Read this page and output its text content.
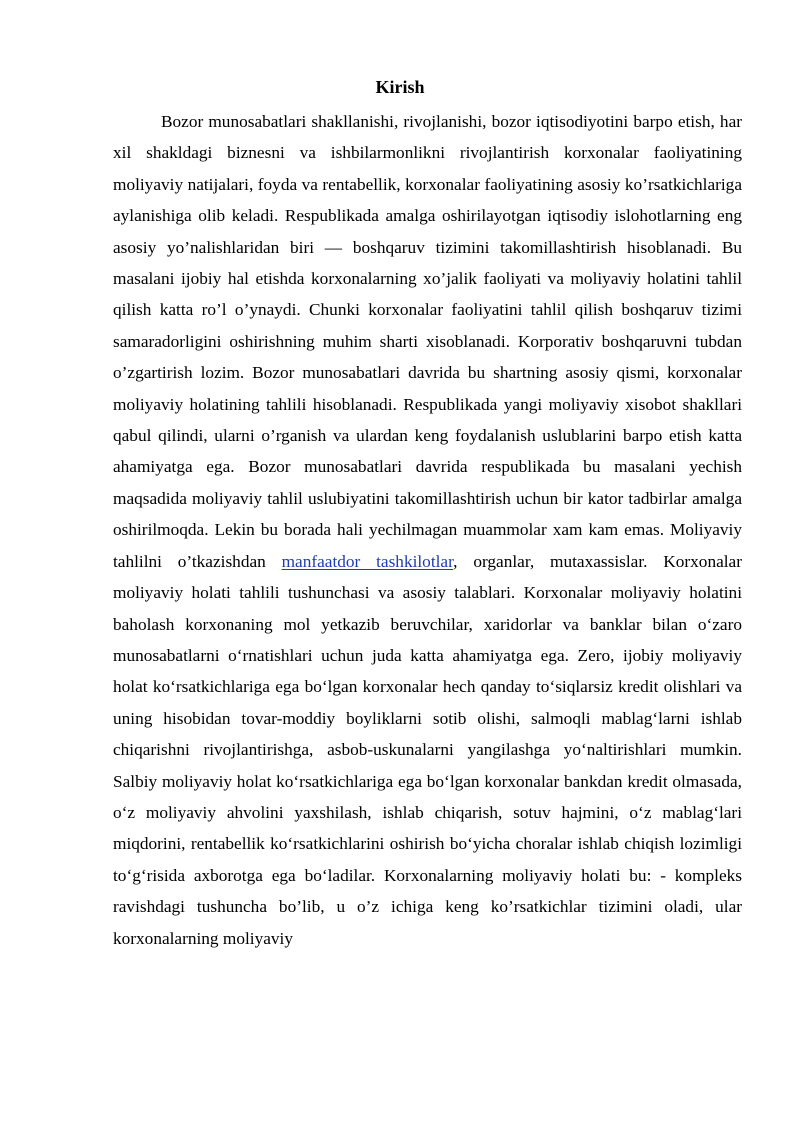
Kirish

Bozor munosabatlari shakllanishi, rivojlanishi, bozor iqtisodiyotini barpo etish, har xil shakldagi biznesni va ishbilarmonlikni rivojlantirish korxonalar faoliyatining moliyaviy natijalari, foyda va rentabellik, korxonalar faoliyatining asosiy ko’rsatkichlariga aylanishiga olib keladi. Respublikada amalga oshirilayotgan iqtisodiy islohotlarning eng asosiy yo’nalishlaridan biri — boshqaruv tizimini takomillashtirish hisoblanadi. Bu masalani ijobiy hal etishda korxonalarning xo’jalik faoliyati va moliyaviy holatini tahlil qilish katta ro’l o’ynaydi. Chunki korxonalar faoliyatini tahlil qilish boshqaruv tizimi samaradorligini oshirishning muhim sharti xisoblanadi. Korporativ boshqaruvni tubdan o’zgartirish lozim. Bozor munosabatlari davrida bu shartning asosiy qismi, korxonalar moliyaviy holatining tahlili hisoblanadi. Respublikada yangi moliyaviy xisobot shakllari qabul qilindi, ularni o’rganish va ulardan keng foydalanish uslublarini barpo etish katta ahamiyatga ega. Bozor munosabatlari davrida respublikada bu masalani yechish maqsadida moliyaviy tahlil uslubiyatini takomillashtirish uchun bir kator tadbirlar amalga oshirilmoqda. Lekin bu borada hali yechilmagan muammolar xam kam emas. Moliyaviy tahlilni o’tkazishdan manfaatdor tashkilotlar, organlar, mutaxassislar. Korxonalar moliyaviy holati tahlili tushunchasi va asosiy talablari. Korxonalar moliyaviy holatini baholash korxonaning mol yetkazib beruvchilar, xaridorlar va banklar bilan o‘zaro munosabatlarni o‘rnatishlari uchun juda katta ahamiyatga ega. Zero, ijobiy moliyaviy holat ko‘rsatkichlariga ega bo‘lgan korxonalar hech qanday to‘siqlarsiz kredit olishlari va uning hisobidan tovar-moddiy boyliklarni sotib olishi, salmoqli mablag‘larni ishlab chiqarishni rivojlantirishga, asbob-uskunalarni yangilashga yo‘naltirishlari mumkin. Salbiy moliyaviy holat ko‘rsatkichlariga ega bo‘lgan korxonalar bankdan kredit olmasada, o‘z moliyaviy ahvolini yaxshilash, ishlab chiqarish, sotuv hajmini, o‘z mablag‘lari miqdorini, rentabellik ko‘rsatkichlarini oshirish bo‘yicha choralar ishlab chiqish lozimligi to‘g‘risida axborotga ega bo‘ladilar. Korxonalarning moliyaviy holati bu: - kompleks ravishdagi tushuncha bo’lib, u o’z ichiga keng ko’rsatkichlar tizimini oladi, ular korxonalarning moliyaviy
